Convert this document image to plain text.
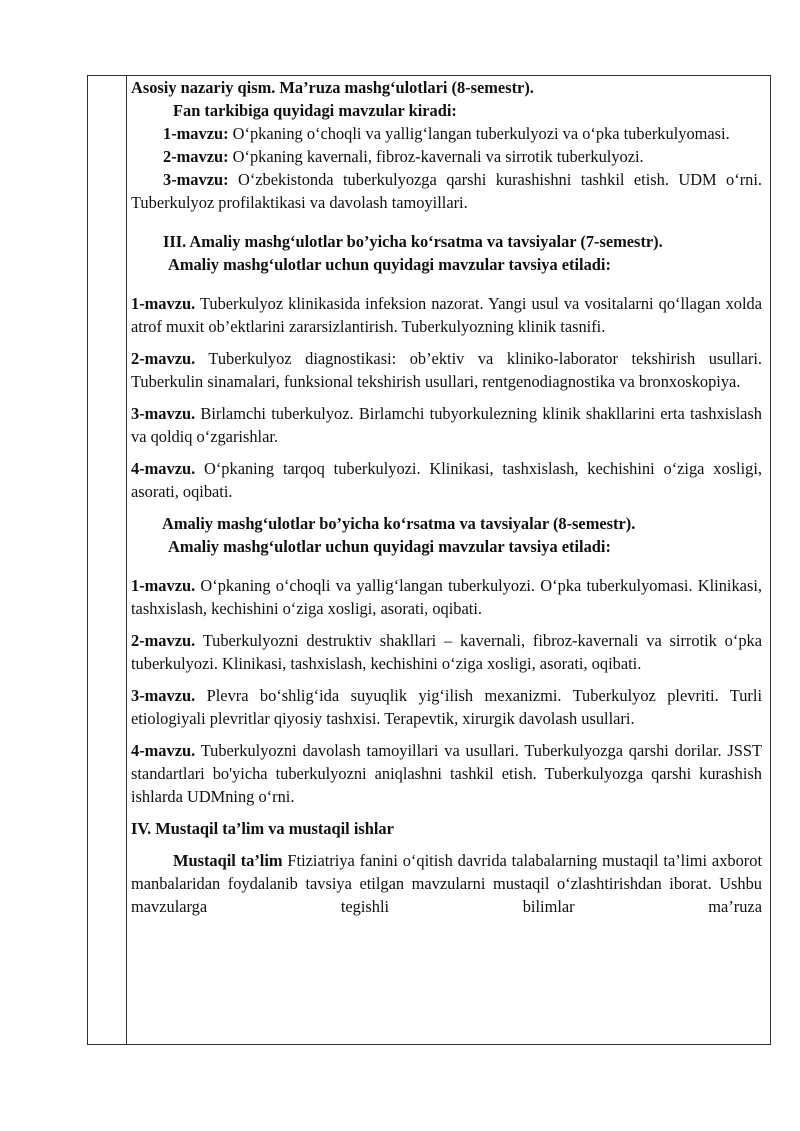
Asosiy nazariy qism. Ma’ruza mashg‘ulotlari (8-semestr).

Fan tarkibiga quyidagi mavzular kiradi:

1-mavzu: O‘pkaning o‘choqli va yallig‘langan tuberkulyozi va o‘pka tuberkulyomasi.

2-mavzu: O‘pkaning kavernali, fibroz-kavernali va sirrotik tuberkulyozi.

3-mavzu: O‘zbekistonda tuberkulyozga qarshi kurashishni tashkil etish. UDM o‘rni. Tuberkulyoz profilaktikasi va davolash tamoyillari.

III. Amaliy mashg‘ulotlar bo’yicha ko‘rsatma va tavsiyalar (7-semestr).

Amaliy mashg‘ulotlar uchun quyidagi mavzular tavsiya etiladi:

1-mavzu. Tuberkulyoz klinikasida infeksion nazorat. Yangi usul va vositalarni qo‘llagan xolda atrof muxit ob’ektlarini zararsizlantirish. Tuberkulyozning klinik tasnifi.

2-mavzu. Tuberkulyoz diagnostikasi: ob’ektiv va kliniko-laborator tekshirish usullari. Tuberkulin sinamalari, funksional tekshirish usullari, rentgenodiagnostika va bronxoskopiya.

3-mavzu. Birlamchi tuberkulyoz. Birlamchi tubyorkulezning klinik shakllarini erta tashxislash va qoldiq o‘zgarishlar.

4-mavzu. O‘pkaning tarqoq tuberkulyozi. Klinikasi, tashxislash, kechishini o‘ziga xosligi, asorati, oqibati.

Amaliy mashg‘ulotlar bo’yicha ko‘rsatma va tavsiyalar (8-semestr).

Amaliy mashg‘ulotlar uchun quyidagi mavzular tavsiya etiladi:

1-mavzu. O‘pkaning o‘choqli va yallig‘langan tuberkulyozi. O‘pka tuberkulyomasi. Klinikasi, tashxislash, kechishini o‘ziga xosligi, asorati, oqibati.

2-mavzu. Tuberkulyozni destruktiv shakllari – kavernali, fibroz-kavernali va sirrotik o‘pka tuberkulyozi. Klinikasi, tashxislash, kechishini o‘ziga xosligi, asorati, oqibati.

3-mavzu. Plevra bo‘shlig‘ida suyuqlik yig‘ilish mexanizmi. Tuberkulyoz plevriti. Turli etiologiyali plevritlar qiyosiy tashxisi. Terapevtik, xirurgik davolash usullari.

4-mavzu. Tuberkulyozni davolash tamoyillari va usullari. Tuberkulyozga qarshi dorilar. JSST standartlari bo'yicha tuberkulyozni aniqlashni tashkil etish. Tuberkulyozga qarshi kurashish ishlarda UDMning o‘rni.

IV. Mustaqil ta’lim va mustaqil ishlar

Mustaqil ta’lim Ftiziatriya fanini o‘qitish davrida talabalarning mustaqil ta’limi axborot manbalaridan foydalanib tavsiya etilgan mavzularni mustaqil o‘zlashtirishdan iborat. Ushbu mavzularga tegishli bilimlar ma’ruza
